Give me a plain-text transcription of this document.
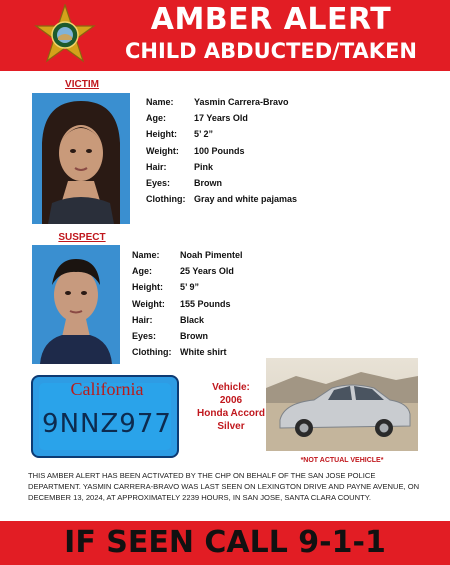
AMBER ALERT
CHILD ABDUCTED/TAKEN
VICTIM
Name: Yasmin Carrera-Bravo
Age:	17 Years Old
Height: 5’ 2”
Weight: 100 Pounds
Hair:	Pink
Eyes:	Brown
Clothing: Gray and white pajamas
SUSPECT
Name: Noah Pimentel
Age:	25 Years Old
Height: 5’ 9”
Weight: 155 Pounds
Hair:	Black
Eyes:	Brown
Clothing: White shirt
California
9NNZ977
Vehicle:
2006
Honda Accord
Silver
*NOT ACTUAL VEHICLE*
THIS AMBER ALERT HAS BEEN ACTIVATED BY THE CHP ON BEHALF OF THE SAN JOSE POLICE DEPARTMENT. YASMIN CARRERA-BRAVO WAS LAST SEEN ON LEXINGTON DRIVE AND PAYNE AVENUE, ON DECEMBER 13, 2024, AT APPROXIMATELY 2239 HOURS, IN SAN JOSE, SANTA CLARA COUNTY.
IF SEEN CALL 9-1-1
